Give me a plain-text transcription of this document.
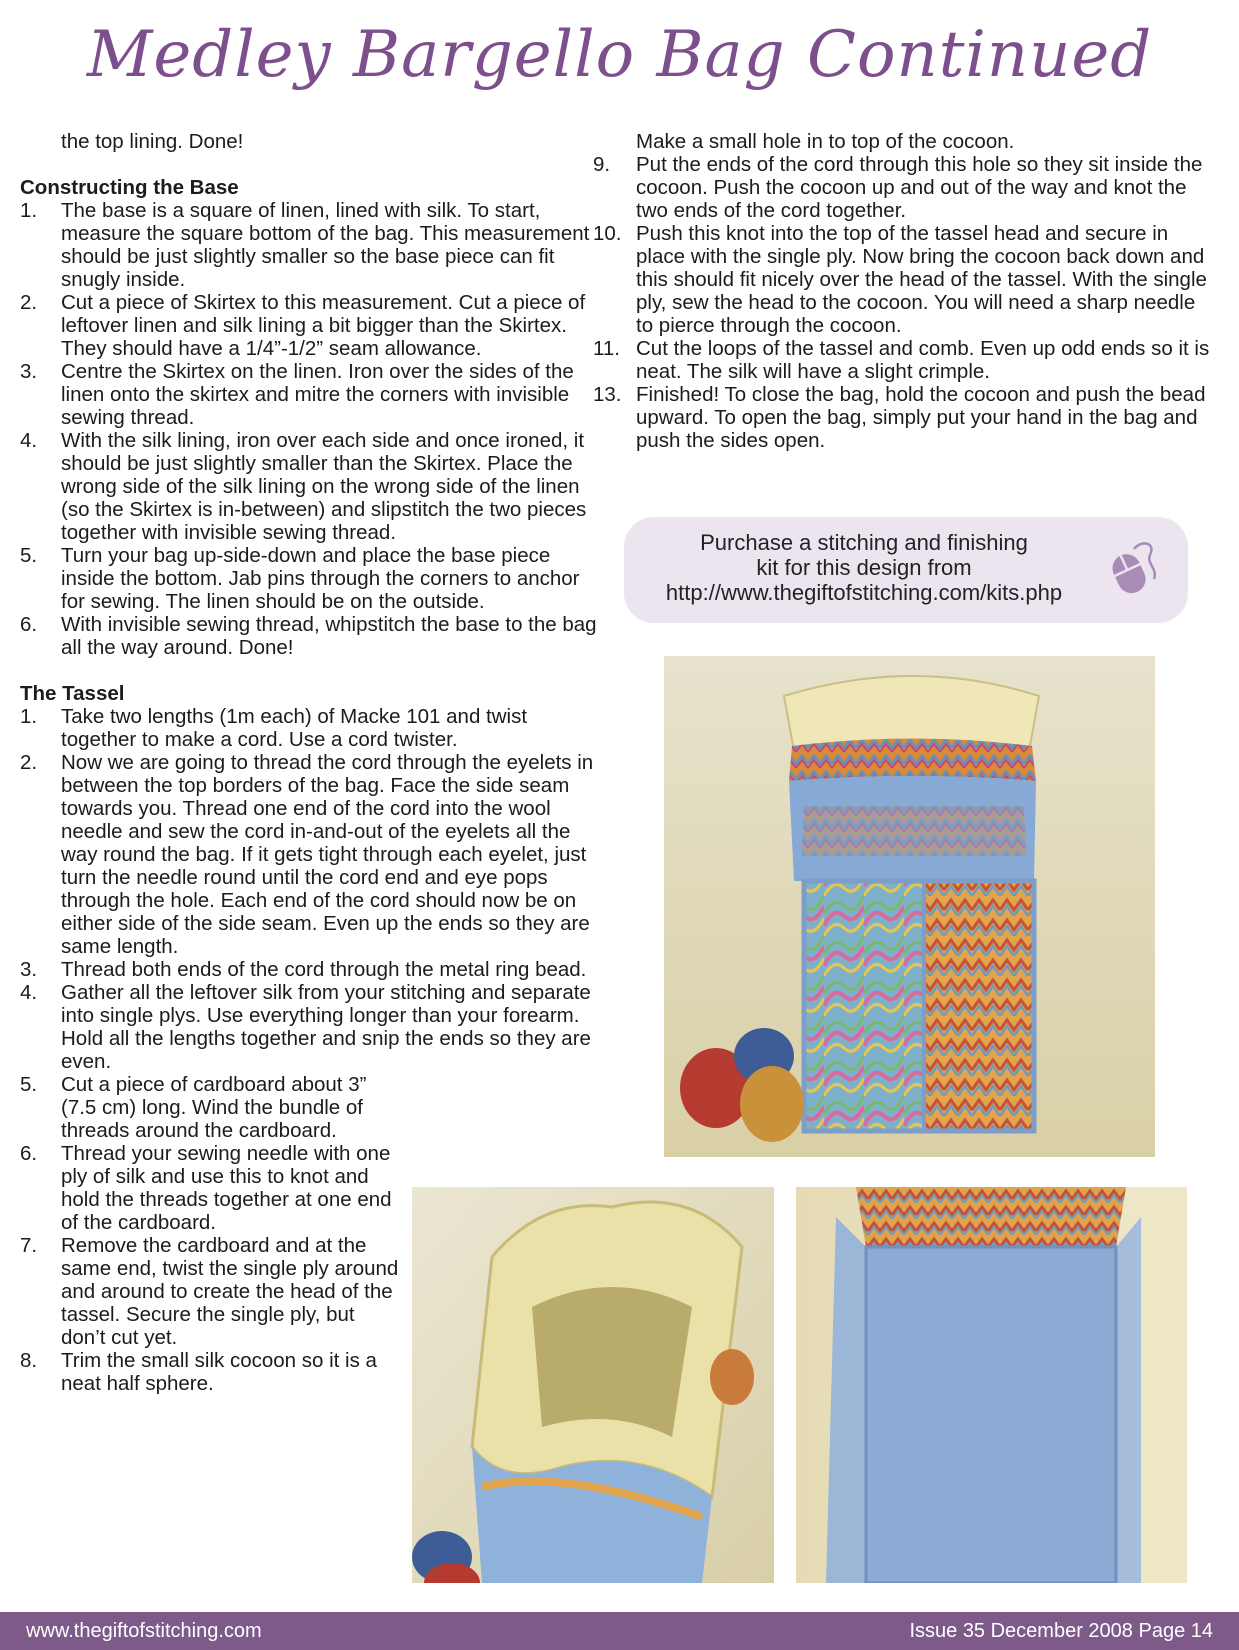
Medley Bargello Bag Continued

the top lining. Done!

Constructing the Base
1.	The base is a square of linen, lined with silk. To start, measure the square bottom of the bag. This measurement should be just slightly smaller so the base piece can fit snugly inside.
2.	Cut a piece of Skirtex to this measurement. Cut a piece of leftover linen and silk lining a bit bigger than the Skirtex. They should have a 1/4”-1/2” seam allowance.
3.	Centre the Skirtex on the linen. Iron over the sides of the linen onto the skirtex and mitre the corners with invisible sewing thread.
4.	With the silk lining, iron over each side and once ironed, it should be just slightly smaller than the Skirtex. Place the wrong side of the silk lining on the wrong side of the linen (so the Skirtex is in-between) and slipstitch the two pieces together with invisible sewing thread.
5.	Turn your bag up-side-down and place the base piece inside the bottom. Jab pins through the corners to anchor for sewing. The linen should be on the outside.
6.	With invisible sewing thread, whipstitch the base to the bag all the way around. Done!
The Tassel
1.	Take two lengths (1m each) of Macke 101 and twist together to make a cord. Use a cord twister.
2.	Now we are going to thread the cord through the eyelets in between the top borders of the bag. Face the side seam towards you. Thread one end of the cord into the wool needle and sew the cord in-and-out of the eyelets all the way round the bag. If it gets tight through each eyelet, just turn the needle round until the cord end and eye pops through the hole. Each end of the cord should now be on either side of the side seam. Even up the ends so they are same length.
3.	Thread both ends of the cord through the metal ring bead.
4.	Gather all the leftover silk from your stitching and separate into single plys. Use everything longer than your forearm. Hold all the lengths together and snip the ends so they are even.
5.	Cut a piece of cardboard about 3” (7.5 cm) long. Wind the bundle of threads around the cardboard.
6.	Thread your sewing needle with one ply of silk and use this to knot and hold the threads together at one end of the cardboard.
7.	Remove the cardboard and at the same end, twist the single ply around and around to create the head of the tassel. Secure the single ply, but don’t cut yet.
8.	Trim the small silk cocoon so it is a neat half sphere.

Make a small hole in to top of the cocoon.

9.	Put the ends of the cord through this hole so they sit inside the cocoon. Push the cocoon up and out of the way and knot the two ends of the cord together.
10. Push this knot into the top of the tassel head and secure in place with the single ply. Now bring the cocoon back down and this should fit nicely over the head of the tassel. With the single ply, sew the head to the cocoon. You will need a sharp needle to pierce through the cocoon.
11. Cut the loops of the tassel and comb. Even up odd ends so it is neat. The silk will have a slight crimple.
13. Finished! To close the bag, hold the cocoon and push the bead upward. To open the bag, simply put your hand in the bag and push the sides open.
Purchase a stitching and finishing
kit for this design from
http://www.thegiftofstitching.com/kits.php
www.thegiftofstitching.com	Issue 35 December 2008 Page 14
